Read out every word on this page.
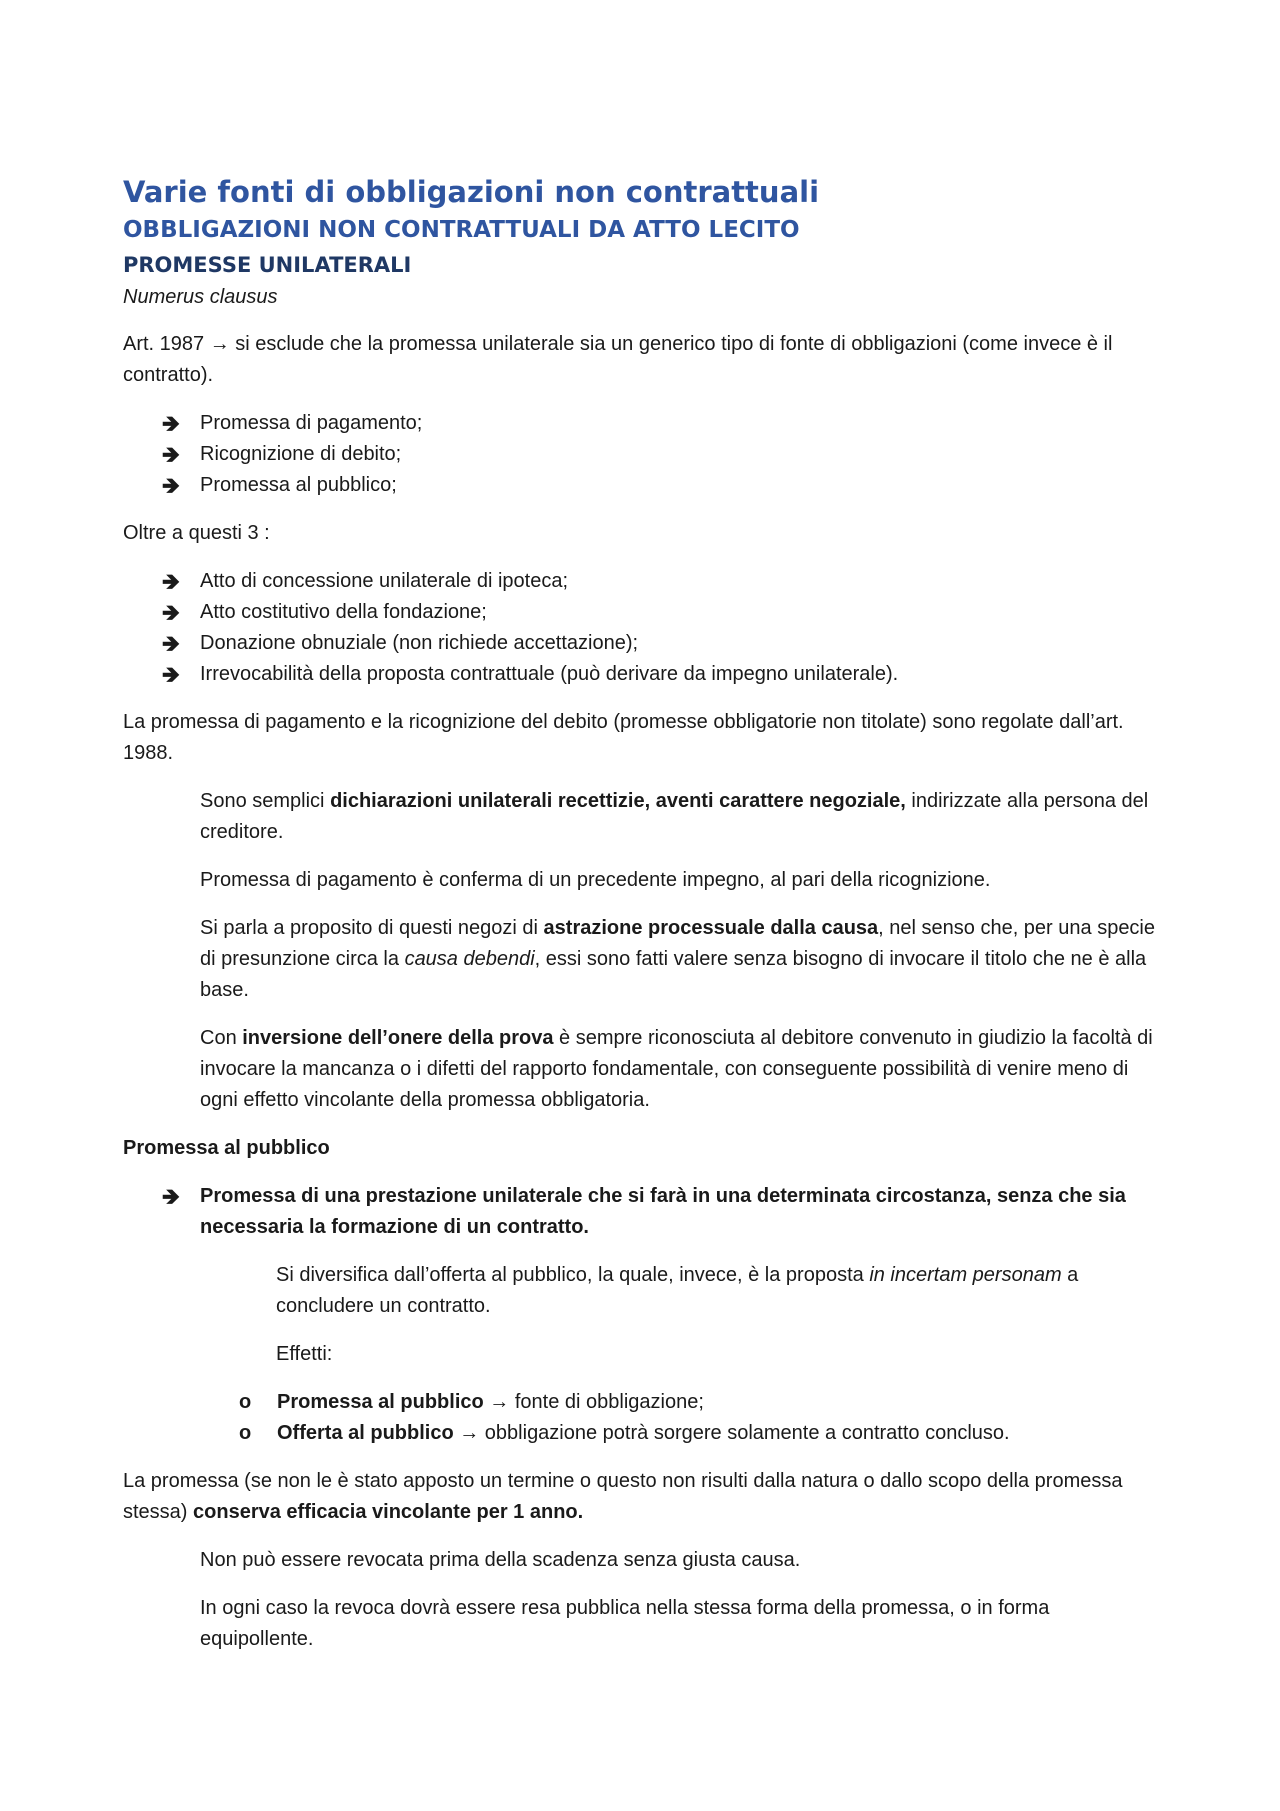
Varie fonti di obbligazioni non contrattuali
OBBLIGAZIONI NON CONTRATTUALI DA ATTO LECITO
PROMESSE UNILATERALI

Numerus clausus

Art. 1987 → si esclude che la promessa unilaterale sia un generico tipo di fonte di obbligazioni (come invece è il contratto).

🡺 Promessa di pagamento;
🡺 Ricognizione di debito;
🡺 Promessa al pubblico;

Oltre a questi 3 :

🡺 Atto di concessione unilaterale di ipoteca;
🡺 Atto costitutivo della fondazione;
🡺 Donazione obnuziale (non richiede accettazione);
🡺 Irrevocabilità della proposta contrattuale (può derivare da impegno unilaterale).

La promessa di pagamento e la ricognizione del debito (promesse obbligatorie non titolate) sono regolate dall’art. 1988.

Sono semplici dichiarazioni unilaterali recettizie, aventi carattere negoziale, indirizzate alla persona del creditore.

Promessa di pagamento è conferma di un precedente impegno, al pari della ricognizione.

Si parla a proposito di questi negozi di astrazione processuale dalla causa, nel senso che, per una specie di presunzione circa la causa debendi, essi sono fatti valere senza bisogno di invocare il titolo che ne è alla base.

Con inversione dell’onere della prova è sempre riconosciuta al debitore convenuto in giudizio la facoltà di invocare la mancanza o i difetti del rapporto fondamentale, con conseguente possibilità di venire meno di ogni effetto vincolante della promessa obbligatoria.

Promessa al pubblico

🡺 Promessa di una prestazione unilaterale che si farà in una determinata circostanza, senza che sia necessaria la formazione di un contratto.

Si diversifica dall’offerta al pubblico, la quale, invece, è la proposta in incertam personam a concludere un contratto.

Effetti:

o Promessa al pubblico → fonte di obbligazione;
o Offerta al pubblico → obbligazione potrà sorgere solamente a contratto concluso.

La promessa (se non le è stato apposto un termine o questo non risulti dalla natura o dallo scopo della promessa stessa) conserva efficacia vincolante per 1 anno.

Non può essere revocata prima della scadenza senza giusta causa.

In ogni caso la revoca dovrà essere resa pubblica nella stessa forma della promessa, o in forma equipollente.
